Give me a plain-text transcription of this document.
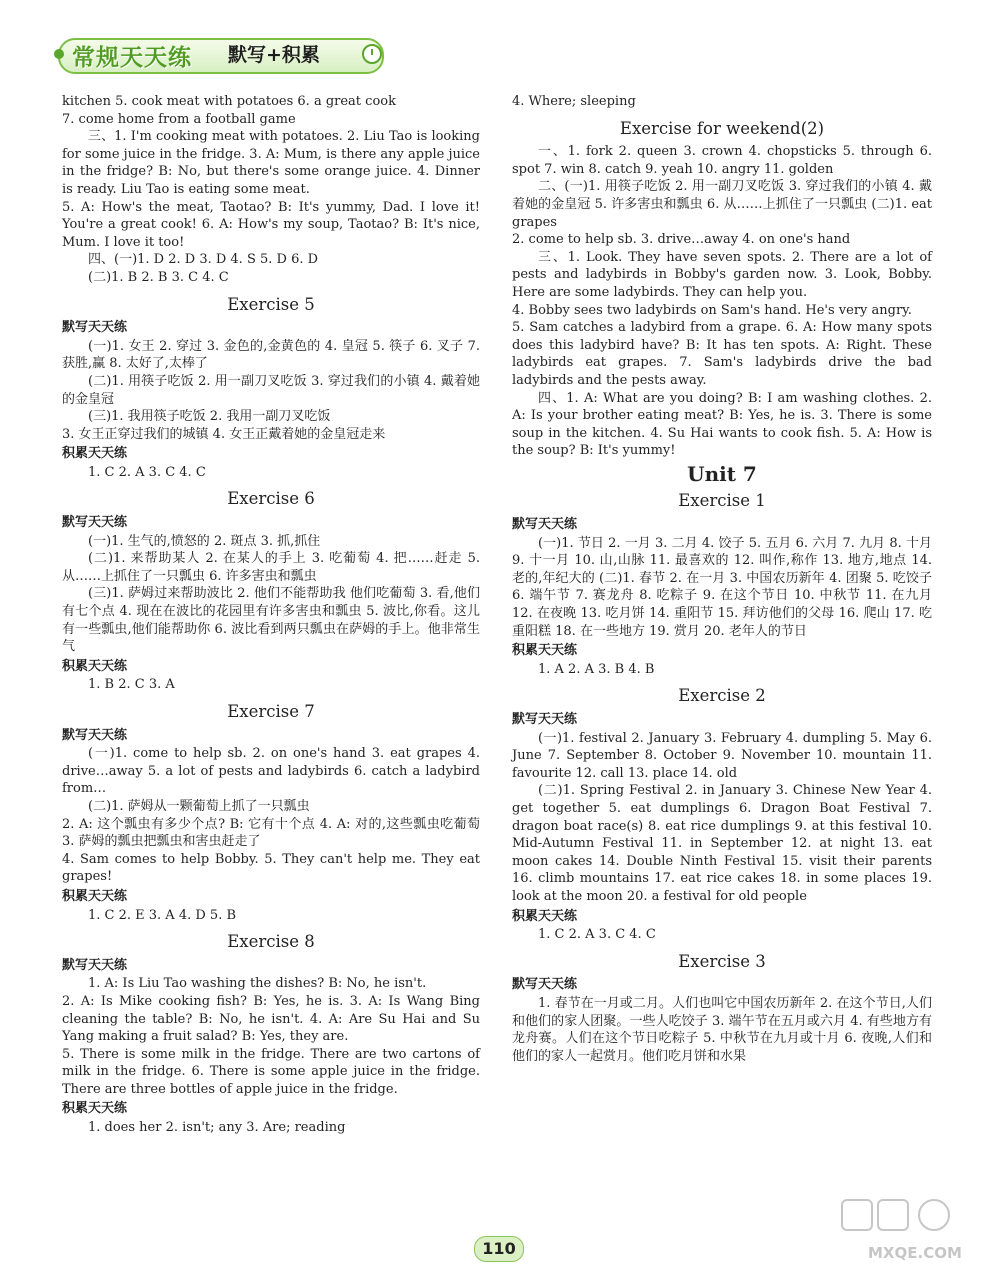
常规天天练 默写+积累

kitchen 5. cook meat with potatoes 6. a great cook

7. come home from a football game

三、1. I'm cooking meat with potatoes. 2. Liu Tao is looking for some juice in the fridge. 3. A: Mum, is there any apple juice in the fridge? B: No, but there's some orange juice. 4. Dinner is ready. Liu Tao is eating some meat.

5. A: How's the meat, Taotao? B: It's yummy, Dad. I love it! You're a great cook! 6. A: How's my soup, Taotao? B: It's nice, Mum. I love it too!

四、(一)1. D 2. D 3. D 4. S 5. D 6. D

(二)1. B 2. B 3. C 4. C

Exercise 5
默写天天练

(一)1. 女王 2. 穿过 3. 金色的,金黄色的 4. 皇冠 5. 筷子 6. 叉子 7. 获胜,赢 8. 太好了,太棒了

(二)1. 用筷子吃饭 2. 用一副刀叉吃饭 3. 穿过我们的小镇 4. 戴着她的金皇冠

(三)1. 我用筷子吃饭 2. 我用一副刀叉吃饭

3. 女王正穿过我们的城镇 4. 女王正戴着她的金皇冠走来

积累天天练

1. C 2. A 3. C 4. C

Exercise 6
默写天天练

(一)1. 生气的,愤怒的 2. 斑点 3. 抓,抓住

(二)1. 来帮助某人 2. 在某人的手上 3. 吃葡萄 4. 把……赶走 5. 从……上抓住了一只瓢虫 6. 许多害虫和瓢虫

(三)1. 萨姆过来帮助波比 2. 他们不能帮助我 他们吃葡萄 3. 看,他们有七个点 4. 现在在波比的花园里有许多害虫和瓢虫 5. 波比,你看。这儿有一些瓢虫,他们能帮助你 6. 波比看到两只瓢虫在萨姆的手上。他非常生气

积累天天练

1. B 2. C 3. A

Exercise 7
默写天天练

(一)1. come to help sb. 2. on one's hand 3. eat grapes 4. drive…away 5. a lot of pests and ladybirds 6. catch a ladybird from…

(二)1. 萨姆从一颗葡萄上抓了一只瓢虫

2. A: 这个瓢虫有多少个点? B: 它有十个点 4. A: 对的,这些瓢虫吃葡萄 3. 萨姆的瓢虫把瓢虫和害虫赶走了

4. Sam comes to help Bobby. 5. They can't help me. They eat grapes!

积累天天练

1. C 2. E 3. A 4. D 5. B

Exercise 8
默写天天练

1. A: Is Liu Tao washing the dishes? B: No, he isn't.

2. A: Is Mike cooking fish? B: Yes, he is. 3. A: Is Wang Bing cleaning the table? B: No, he isn't. 4. A: Are Su Hai and Su Yang making a fruit salad? B: Yes, they are.

5. There is some milk in the fridge. There are two cartons of milk in the fridge. 6. There is some apple juice in the fridge. There are three bottles of apple juice in the fridge.

积累天天练

1. does her 2. isn't; any 3. Are; reading

4. Where; sleeping

Exercise for weekend(2)

一、1. fork 2. queen 3. crown 4. chopsticks 5. through 6. spot 7. win 8. catch 9. yeah 10. angry 11. golden

二、(一)1. 用筷子吃饭 2. 用一副刀叉吃饭 3. 穿过我们的小镇 4. 戴着她的金皇冠 5. 许多害虫和瓢虫 6. 从……上抓住了一只瓢虫 (二)1. eat grapes

2. come to help sb. 3. drive…away 4. on one's hand

三、1. Look. They have seven spots. 2. There are a lot of pests and ladybirds in Bobby's garden now. 3. Look, Bobby. Here are some ladybirds. They can help you.

4. Bobby sees two ladybirds on Sam's hand. He's very angry.

5. Sam catches a ladybird from a grape. 6. A: How many spots does this ladybird have? B: It has ten spots. A: Right. These ladybirds eat grapes. 7. Sam's ladybirds drive the bad ladybirds and the pests away.

四、1. A: What are you doing? B: I am washing clothes. 2. A: Is your brother eating meat? B: Yes, he is. 3. There is some soup in the kitchen. 4. Su Hai wants to cook fish. 5. A: How is the soup? B: It's yummy!

Unit 7
Exercise 1
默写天天练

(一)1. 节日 2. 一月 3. 二月 4. 饺子 5. 五月 6. 六月 7. 九月 8. 十月 9. 十一月 10. 山,山脉 11. 最喜欢的 12. 叫作,称作 13. 地方,地点 14. 老的,年纪大的 (二)1. 春节 2. 在一月 3. 中国农历新年 4. 团聚 5. 吃饺子 6. 端午节 7. 赛龙舟 8. 吃粽子 9. 在这个节日 10. 中秋节 11. 在九月 12. 在夜晚 13. 吃月饼 14. 重阳节 15. 拜访他们的父母 16. 爬山 17. 吃重阳糕 18. 在一些地方 19. 赏月 20. 老年人的节日

积累天天练

1. A 2. A 3. B 4. B

Exercise 2
默写天天练

(一)1. festival 2. January 3. February 4. dumpling 5. May 6. June 7. September 8. October 9. November 10. mountain 11. favourite 12. call 13. place 14. old

(二)1. Spring Festival 2. in January 3. Chinese New Year 4. get together 5. eat dumplings 6. Dragon Boat Festival 7. dragon boat race(s) 8. eat rice dumplings 9. at this festival 10. Mid-Autumn Festival 11. in September 12. at night 13. eat moon cakes 14. Double Ninth Festival 15. visit their parents 16. climb mountains 17. eat rice cakes 18. in some places 19. look at the moon 20. a festival for old people

积累天天练

1. C 2. A 3. C 4. C

Exercise 3
默写天天练

1. 春节在一月或二月。人们也叫它中国农历新年 2. 在这个节日,人们和他们的家人团聚。一些人吃饺子 3. 端午节在五月或六月 4. 有些地方有龙舟赛。人们在这个节日吃粽子 5. 中秋节在九月或十月 6. 夜晚,人们和他们的家人一起赏月。他们吃月饼和水果

110	MXQE.COM
